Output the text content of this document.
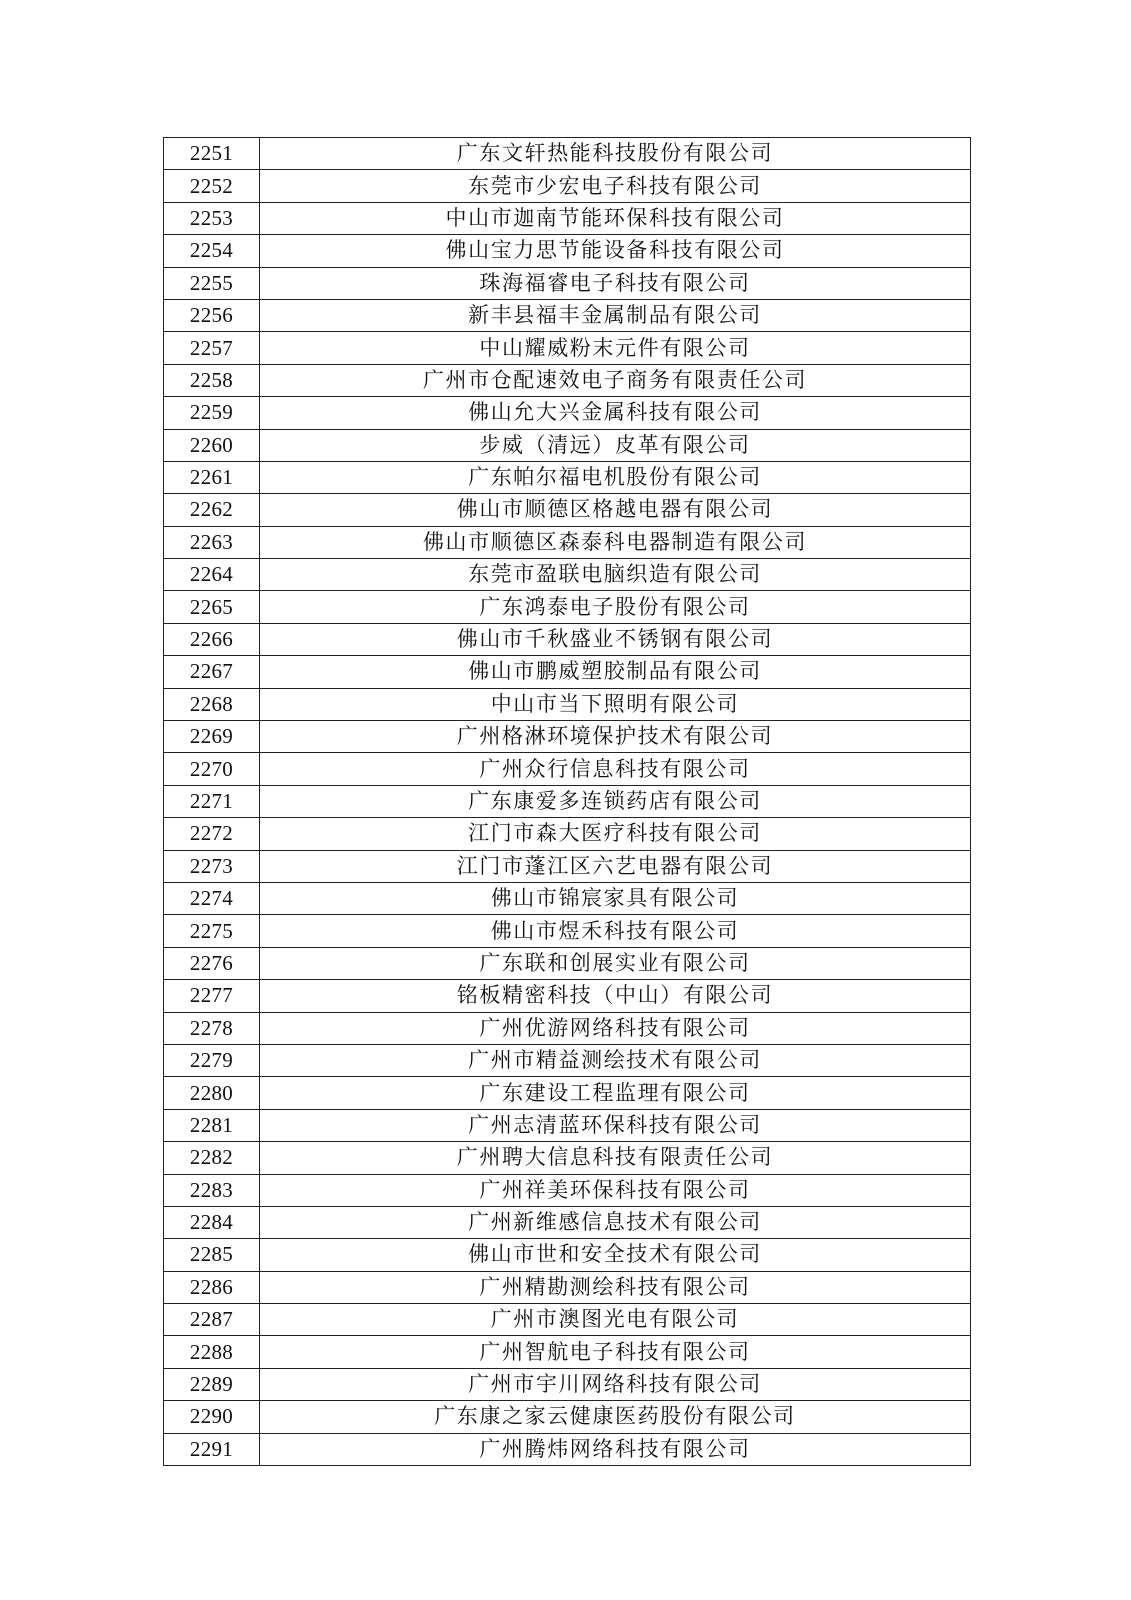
2251	广东文轩热能科技股份有限公司
2252	东莞市少宏电子科技有限公司
2253	中山市迦南节能环保科技有限公司
2254	佛山宝力思节能设备科技有限公司
2255	珠海福睿电子科技有限公司
2256	新丰县福丰金属制品有限公司
2257	中山耀威粉末元件有限公司
2258	广州市仓配速效电子商务有限责任公司
2259	佛山允大兴金属科技有限公司
2260	步威（清远）皮革有限公司
2261	广东帕尔福电机股份有限公司
2262	佛山市顺德区格越电器有限公司
2263	佛山市顺德区森泰科电器制造有限公司
2264	东莞市盈联电脑织造有限公司
2265	广东鸿泰电子股份有限公司
2266	佛山市千秋盛业不锈钢有限公司
2267	佛山市鹏威塑胶制品有限公司
2268	中山市当下照明有限公司
2269	广州格淋环境保护技术有限公司
2270	广州众行信息科技有限公司
2271	广东康爱多连锁药店有限公司
2272	江门市森大医疗科技有限公司
2273	江门市蓬江区六艺电器有限公司
2274	佛山市锦宸家具有限公司
2275	佛山市煜禾科技有限公司
2276	广东联和创展实业有限公司
2277	铭板精密科技（中山）有限公司
2278	广州优游网络科技有限公司
2279	广州市精益测绘技术有限公司
2280	广东建设工程监理有限公司
2281	广州志清蓝环保科技有限公司
2282	广州聘大信息科技有限责任公司
2283	广州祥美环保科技有限公司
2284	广州新维感信息技术有限公司
2285	佛山市世和安全技术有限公司
2286	广州精勘测绘科技有限公司
2287	广州市澳图光电有限公司
2288	广州智航电子科技有限公司
2289	广州市宇川网络科技有限公司
2290	广东康之家云健康医药股份有限公司
2291	广州腾炜网络科技有限公司
